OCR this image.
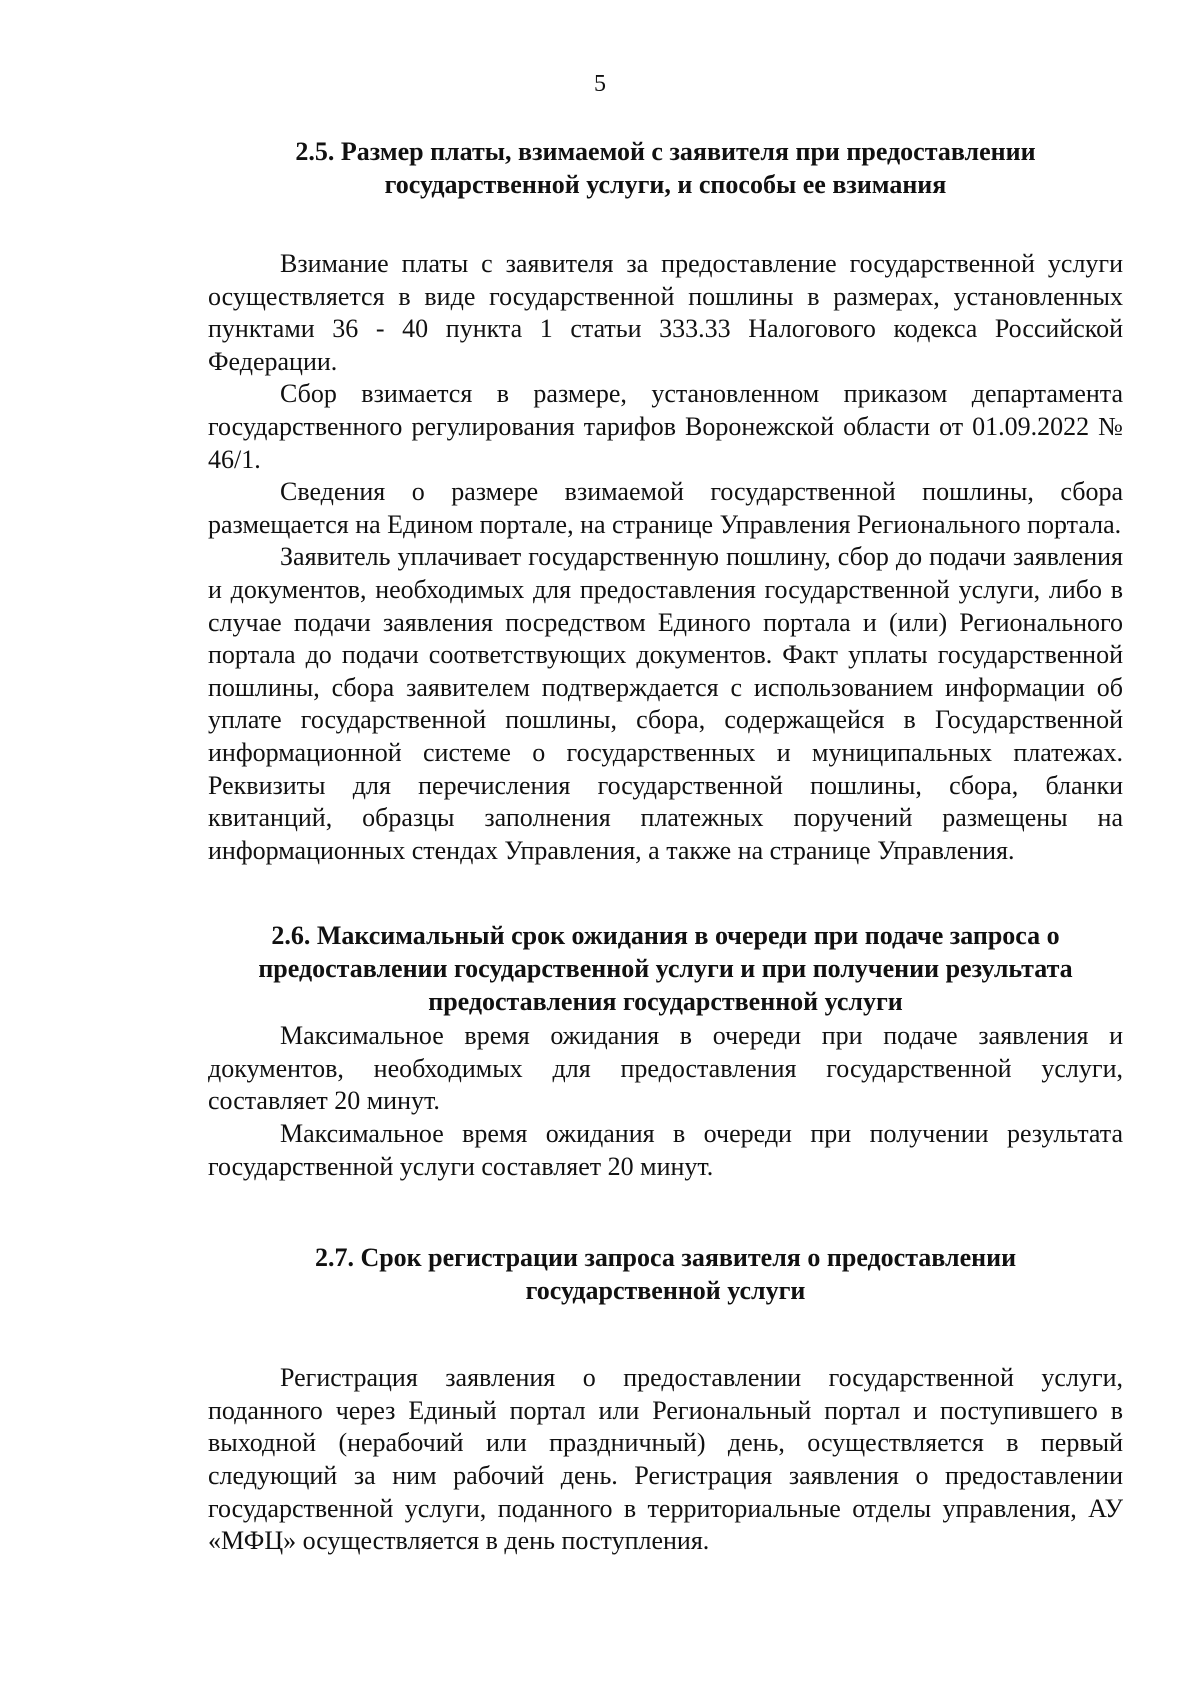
5
2.5. Размер платы, взимаемой с заявителя при предоставлении
государственной услуги, и способы ее взимания

Взимание платы с заявителя за предоставление государственной услуги осуществляется в виде государственной пошлины в размерах, установленных пунктами 36 - 40 пункта 1 статьи 333.33 Налогового кодекса Российской Федерации.

Сбор взимается в размере, установленном приказом департамента государственного регулирования тарифов Воронежской области от 01.09.2022 № 46/1.

Сведения о размере взимаемой государственной пошлины, сбора размещается на Едином портале, на странице Управления Регионального портала.

Заявитель уплачивает государственную пошлину, сбор до подачи заявления и документов, необходимых для предоставления государственной услуги, либо в случае подачи заявления посредством Единого портала и (или) Регионального портала до подачи соответствующих документов. Факт уплаты государственной пошлины, сбора заявителем подтверждается с использованием информации об уплате государственной пошлины, сбора, содержащейся в Государственной информационной системе о государственных и муниципальных платежах. Реквизиты для перечисления государственной пошлины, сбора, бланки квитанций, образцы заполнения платежных поручений размещены на информационных стендах Управления, а также на странице Управления.

2.6. Максимальный срок ожидания в очереди при подаче запроса о
предоставлении государственной услуги и при получении результата
предоставления государственной услуги

Максимальное время ожидания в очереди при подаче заявления и документов, необходимых для предоставления государственной услуги, составляет 20 минут.

Максимальное время ожидания в очереди при получении результата государственной услуги составляет 20 минут.

2.7. Срок регистрации запроса заявителя о предоставлении
государственной услуги

Регистрация заявления о предоставлении государственной услуги, поданного через Единый портал или Региональный портал и поступившего в выходной (нерабочий или праздничный) день, осуществляется в первый следующий за ним рабочий день. Регистрация заявления о предоставлении государственной услуги, поданного в территориальные отделы управления, АУ «МФЦ» осуществляется в день поступления.
